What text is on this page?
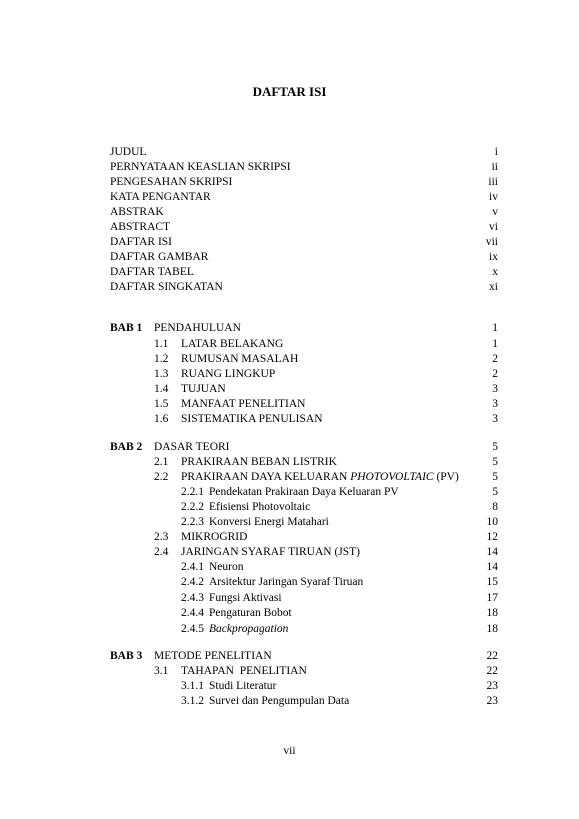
DAFTAR ISI
JUDUL	i
PERNYATAAN KEASLIAN SKRIPSI	ii
PENGESAHAN SKRIPSI	iii
KATA PENGANTAR	iv
ABSTRAK	v
ABSTRACT	vi
DAFTAR ISI	vii
DAFTAR GAMBAR	ix
DAFTAR TABEL	x
DAFTAR SINGKATAN	xi
BAB 1 PENDAHULUAN	1
1.1 LATAR BELAKANG	1
1.2 RUMUSAN MASALAH	2
1.3 RUANG LINGKUP	2
1.4 TUJUAN	3
1.5 MANFAAT PENELITIAN	3
1.6 SISTEMATIKA PENULISAN	3
BAB 2 DASAR TEORI	5
2.1 PRAKIRAAN BEBAN LISTRIK	5
2.2 PRAKIRAAN DAYA KELUARAN PHOTOVOLTAIC (PV)	5
2.2.1 Pendekatan Prakiraan Daya Keluaran PV	5
2.2.2 Efisiensi Photovoltaic	8
2.2.3 Konversi Energi Matahari	10
2.3 MIKROGRID	12
2.4 JARINGAN SYARAF TIRUAN (JST)	14
2.4.1 Neuron	14
2.4.2 Arsitektur Jaringan Syaraf Tiruan	15
2.4.3 Fungsi Aktivasi	17
2.4.4 Pengaturan Bobot	18
2.4.5 Backpropagation	18
BAB 3 METODE PENELITIAN	22
3.1 TAHAPAN  PENELITIAN	22
3.1.1 Studi Literatur	23
3.1.2 Survei dan Pengumpulan Data	23
vii
